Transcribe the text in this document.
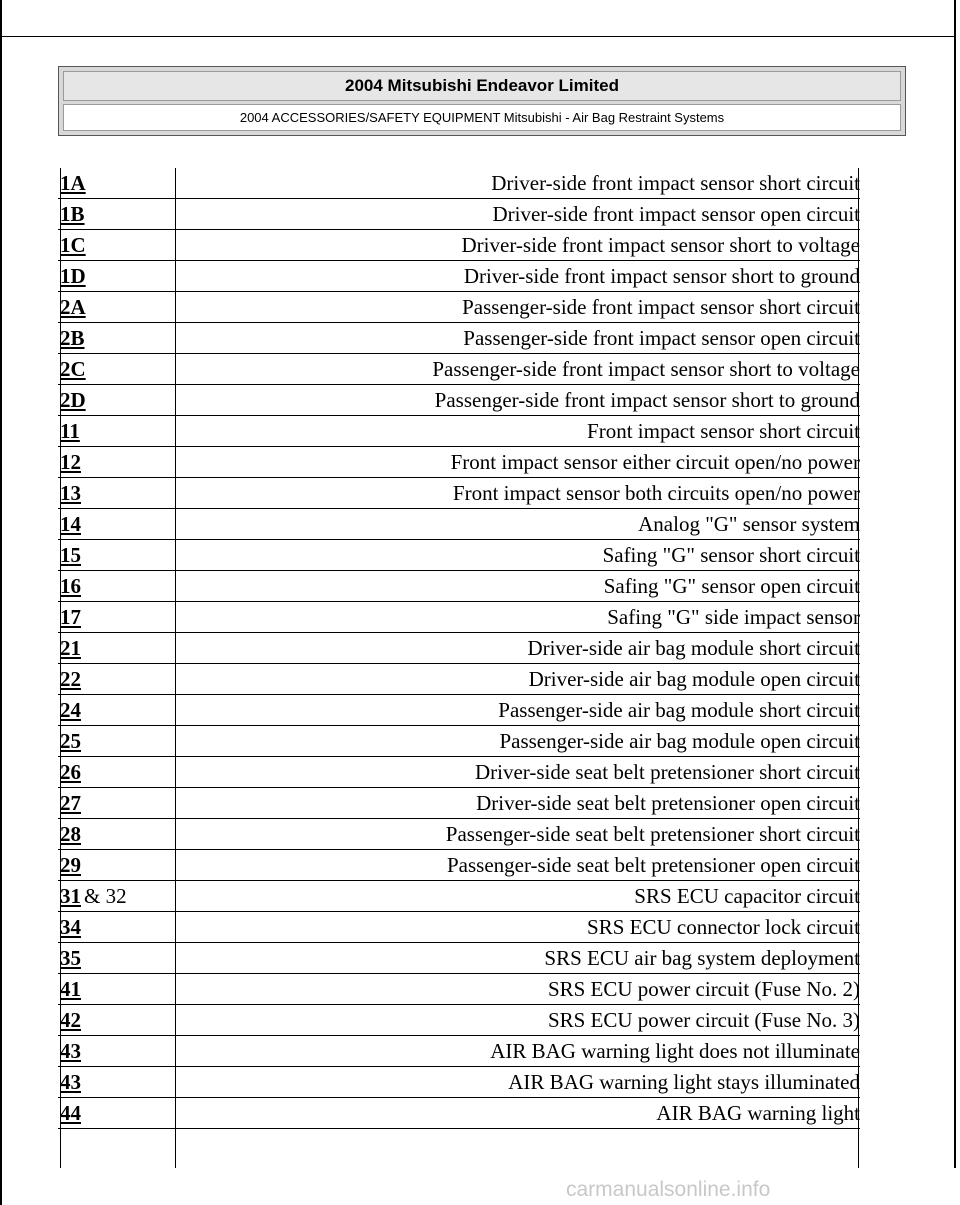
2004 Mitsubishi Endeavor Limited
2004 ACCESSORIES/SAFETY EQUIPMENT Mitsubishi - Air Bag Restraint Systems
1A	Driver-side front impact sensor short circuit
1B	Driver-side front impact sensor open circuit
1C	Driver-side front impact sensor short to voltage
1D	Driver-side front impact sensor short to ground
2A	Passenger-side front impact sensor short circuit
2B	Passenger-side front impact sensor open circuit
2C	Passenger-side front impact sensor short to voltage
2D	Passenger-side front impact sensor short to ground
11	Front impact sensor short circuit
12	Front impact sensor either circuit open/no power
13	Front impact sensor both circuits open/no power
14	Analog "G" sensor system
15	Safing "G" sensor short circuit
16	Safing "G" sensor open circuit
17	Safing "G" side impact sensor
21	Driver-side air bag module short circuit
22	Driver-side air bag module open circuit
24	Passenger-side air bag module short circuit
25	Passenger-side air bag module open circuit
26	Driver-side seat belt pretensioner short circuit
27	Driver-side seat belt pretensioner open circuit
28	Passenger-side seat belt pretensioner short circuit
29	Passenger-side seat belt pretensioner open circuit
31 & 32	SRS ECU capacitor circuit
34	SRS ECU connector lock circuit
35	SRS ECU air bag system deployment
41	SRS ECU power circuit (Fuse No. 2)
42	SRS ECU power circuit (Fuse No. 3)
43	AIR BAG warning light does not illuminate
43	AIR BAG warning light stays illuminated
44	AIR BAG warning light
carmanualsonline.info
